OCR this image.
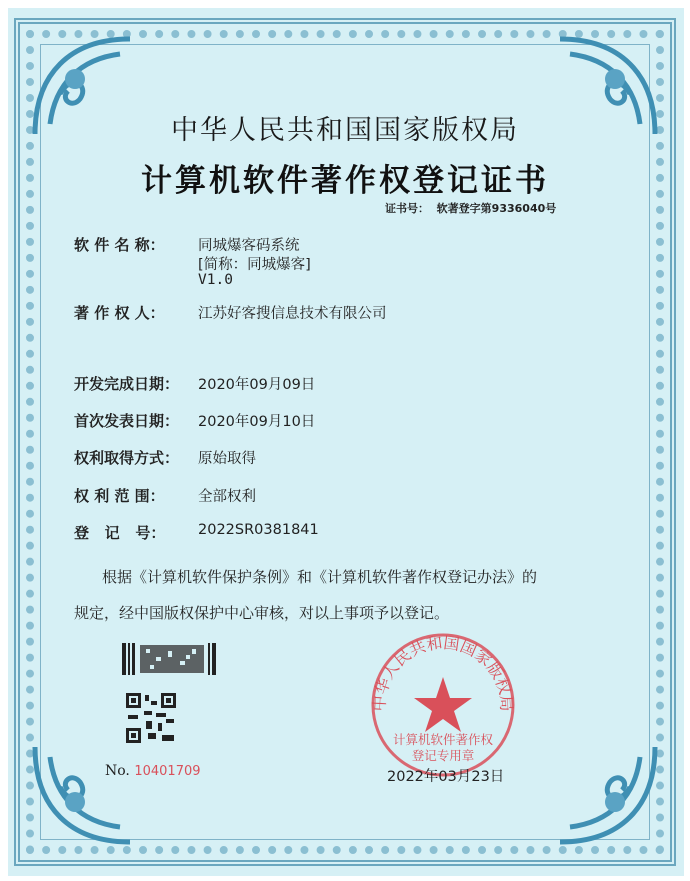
中华人民共和国国家版权局
计算机软件著作权登记证书
证书号： 软著登字第9336040号
软 件 名 称： 同城爆客码系统
[简称：同城爆客]
V1.0
著 作 权 人： 江苏好客搜信息技术有限公司
开发完成日期： 2020年09月09日
首次发表日期： 2020年09月10日
权利取得方式： 原始取得
权 利 范 围： 全部权利
登   记   号： 2022SR0381841
根据《计算机软件保护条例》和《计算机软件著作权登记办法》的
规定，经中国版权保护中心审核，对以上事项予以登记。
No. 10401709
中华人民共和国国家版权局
计算机软件著作权
登记专用章
2022年03月23日
